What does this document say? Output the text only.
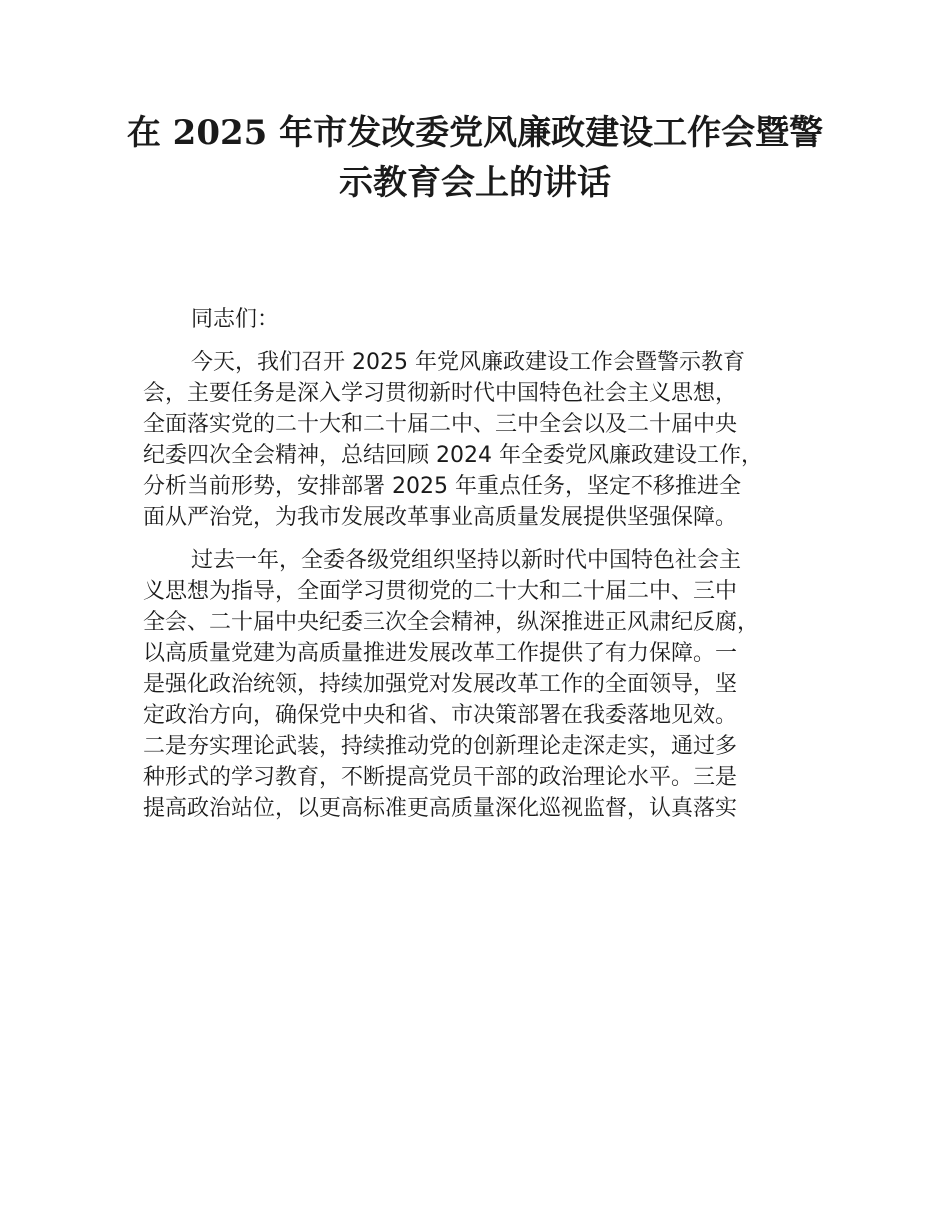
在 2025 年市发改委党风廉政建设工作会暨警
示教育会上的讲话
同志们：
今天，我们召开 2025 年党风廉政建设工作会暨警示教育
会，主要任务是深入学习贯彻新时代中国特色社会主义思想，
全面落实党的二十大和二十届二中、三中全会以及二十届中央
纪委四次全会精神，总结回顾 2024 年全委党风廉政建设工作，
分析当前形势，安排部署 2025 年重点任务，坚定不移推进全
面从严治党，为我市发展改革事业高质量发展提供坚强保障。
过去一年，全委各级党组织坚持以新时代中国特色社会主
义思想为指导，全面学习贯彻党的二十大和二十届二中、三中
全会、二十届中央纪委三次全会精神，纵深推进正风肃纪反腐，
以高质量党建为高质量推进发展改革工作提供了有力保障。一
是强化政治统领，持续加强党对发展改革工作的全面领导，坚
定政治方向，确保党中央和省、市决策部署在我委落地见效。
二是夯实理论武装，持续推动党的创新理论走深走实，通过多
种形式的学习教育，不断提高党员干部的政治理论水平。三是
提高政治站位，以更高标准更高质量深化巡视监督，认真落实
